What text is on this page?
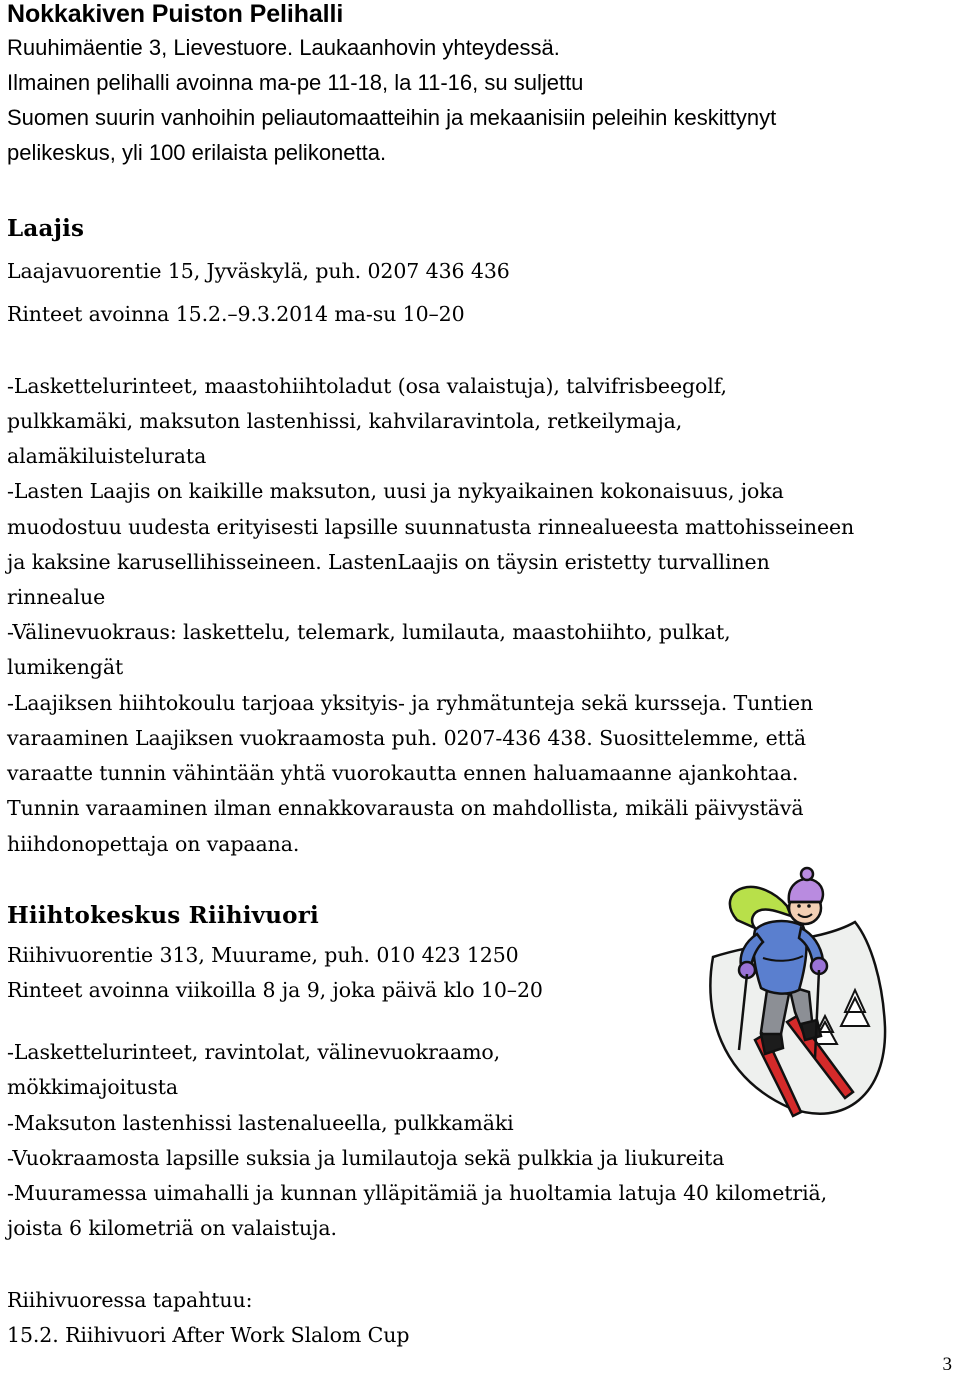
Nokkakiven Puiston Pelihalli
Ruuhimäentie 3, Lievestuore. Laukaanhovin yhteydessä.
Ilmainen pelihalli avoinna ma-pe 11-18, la 11-16, su suljettu
Suomen suurin vanhoihin peliautomaatteihin ja mekaanisiin peleihin keskittynyt
pelikeskus, yli 100 erilaista pelikonetta.
Laajis
Laajavuorentie 15, Jyväskylä, puh. 0207 436 436
Rinteet avoinna 15.2.–9.3.2014 ma-su 10–20
-Laskettelurinteet, maastohiihtoladut (osa valaistuja), talvifrisbeegolf,
pulkkamäki, maksuton lastenhissi, kahvilaravintola, retkeilymaja,
alamäkiluistelurata
-Lasten Laajis on kaikille maksuton, uusi ja nykyaikainen kokonaisuus, joka
muodostuu uudesta erityisesti lapsille suunnatusta rinnealueesta mattohisseineen
ja kaksine karusellihisseineen. LastenLaajis on täysin eristetty turvallinen
rinnealue
-Välinevuokraus: laskettelu, telemark, lumilauta, maastohiihto, pulkat,
lumikengät
-Laajiksen hiihtokoulu tarjoaa yksityis- ja ryhmätunteja sekä kursseja. Tuntien
varaaminen Laajiksen vuokraamosta puh. 0207-436 438. Suosittelemme, että
varaatte tunnin vähintään yhtä vuorokautta ennen haluamaanne ajankohtaa.
Tunnin varaaminen ilman ennakkovarausta on mahdollista, mikäli päivystävä
hiihdonopettaja on vapaana.
Hiihtokeskus Riihivuori
Riihivuorentie 313, Muurame, puh. 010 423 1250
Rinteet avoinna viikoilla 8 ja 9, joka päivä klo 10–20
-Laskettelurinteet, ravintolat, välinevuokraamo,
mökkimajoitusta
-Maksuton lastenhissi lastenalueella, pulkkamäki
-Vuokraamosta lapsille suksia ja lumilautoja sekä pulkkia ja liukureita
-Muuramessa uimahalli ja kunnan ylläpitämiä ja huoltamia latuja 40 kilometriä,
joista 6 kilometriä on valaistuja.
Riihivuoressa tapahtuu:
15.2. Riihivuori After Work Slalom Cup
3
